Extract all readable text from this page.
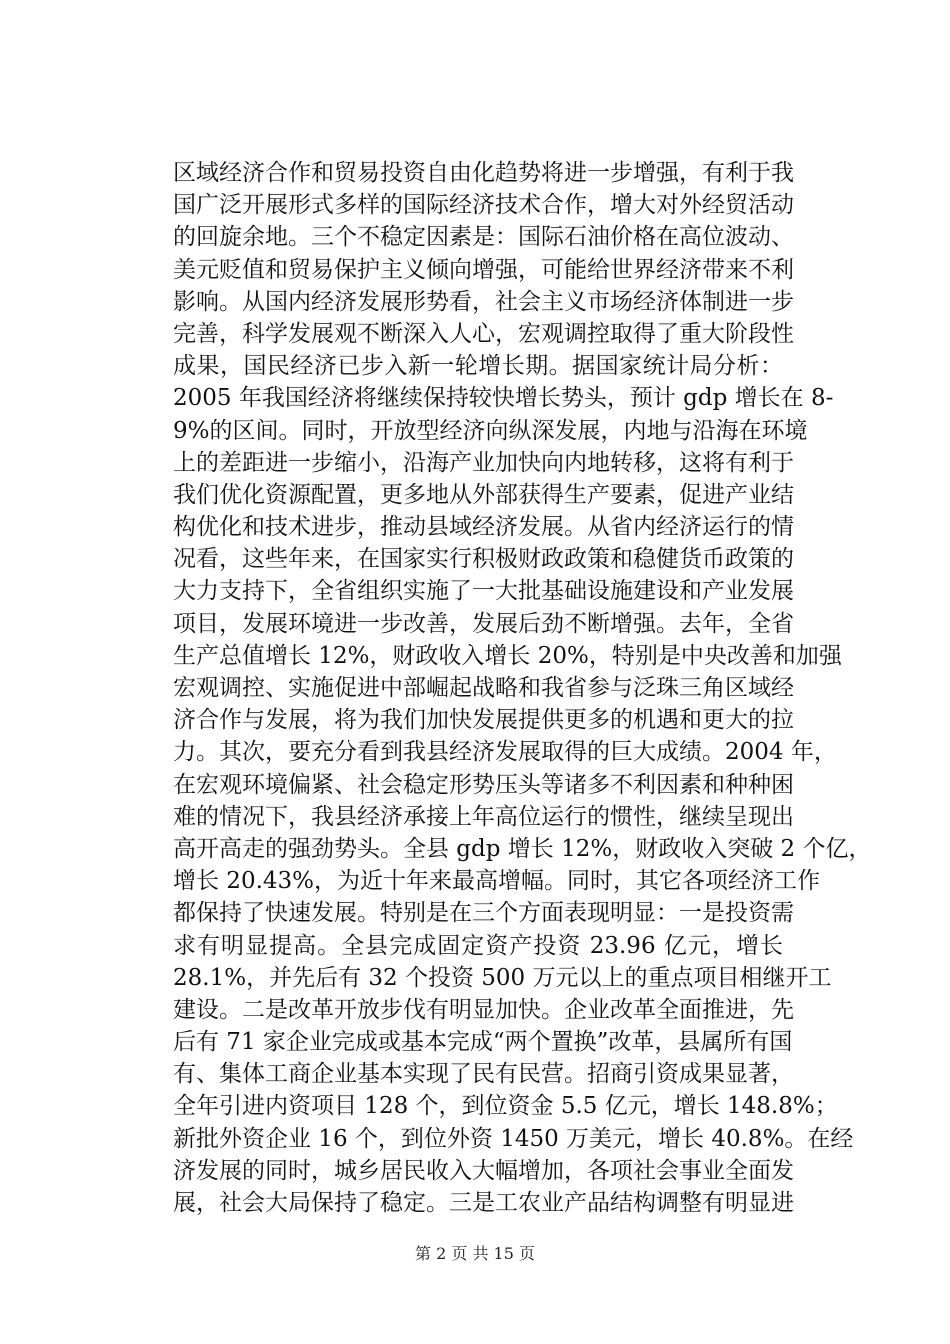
区域经济合作和贸易投资自由化趋势将进一步增强，有利于我
国广泛开展形式多样的国际经济技术合作，增大对外经贸活动
的回旋余地。三个不稳定因素是：国际石油价格在高位波动、
美元贬值和贸易保护主义倾向增强，可能给世界经济带来不利
影响。从国内经济发展形势看，社会主义市场经济体制进一步
完善，科学发展观不断深入人心，宏观调控取得了重大阶段性
成果，国民经济已步入新一轮增长期。据国家统计局分析：
2005 年我国经济将继续保持较快增长势头，预计 gdp 增长在 8-
9%的区间。同时，开放型经济向纵深发展，内地与沿海在环境
上的差距进一步缩小，沿海产业加快向内地转移，这将有利于
我们优化资源配置，更多地从外部获得生产要素，促进产业结
构优化和技术进步，推动县域经济发展。从省内经济运行的情
况看，这些年来，在国家实行积极财政政策和稳健货币政策的
大力支持下，全省组织实施了一大批基础设施建设和产业发展
项目，发展环境进一步改善，发展后劲不断增强。去年，全省
生产总值增长 12%，财政收入增长 20%，特别是中央改善和加强
宏观调控、实施促进中部崛起战略和我省参与泛珠三角区域经
济合作与发展，将为我们加快发展提供更多的机遇和更大的拉
力。其次，要充分看到我县经济发展取得的巨大成绩。2004 年，
在宏观环境偏紧、社会稳定形势压头等诸多不利因素和种种困
难的情况下，我县经济承接上年高位运行的惯性，继续呈现出
高开高走的强劲势头。全县 gdp 增长 12%，财政收入突破 2 个亿，
增长 20.43%，为近十年来最高增幅。同时，其它各项经济工作
都保持了快速发展。特别是在三个方面表现明显：一是投资需
求有明显提高。全县完成固定资产投资 23.96 亿元，增长
28.1%，并先后有 32 个投资 500 万元以上的重点项目相继开工
建设。二是改革开放步伐有明显加快。企业改革全面推进，先
后有 71 家企业完成或基本完成“两个置换”改革，县属所有国
有、集体工商企业基本实现了民有民营。招商引资成果显著，
全年引进内资项目 128 个，到位资金 5.5 亿元，增长 148.8%；
新批外资企业 16 个，到位外资 1450 万美元，增长 40.8%。在经
济发展的同时，城乡居民收入大幅增加，各项社会事业全面发
展，社会大局保持了稳定。三是工农业产品结构调整有明显进
第 2 页 共 15 页
